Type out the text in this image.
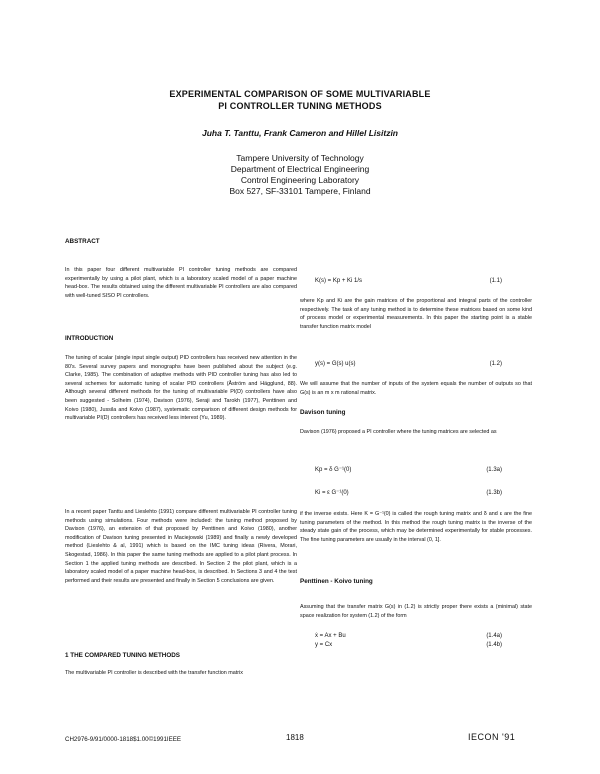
EXPERIMENTAL COMPARISON OF SOME MULTIVARIABLE
PI CONTROLLER TUNING METHODS
Juha T. Tanttu, Frank Cameron and Hillel Lisitzin
Tampere University of Technology
Department of Electrical Engineering
Control Engineering Laboratory
Box 527, SF-33101 Tampere, Finland
ABSTRACT
In this paper four different multivariable PI controller tuning methods are compared experimentally by using a pilot plant, which is a laboratory scaled model of a paper machine head-box. The results obtained using the different multivariable PI controllers are also compared with well-tuned SISO PI controllers.
INTRODUCTION
The tuning of scalar (single input single output) PID controllers has received new attention in the 80's. Several survey papers and monographs have been published about the subject (e.g. Clarke, 1985). The combination of adaptive methods with PID controller tuning has also led to several schemes for automatic tuning of scalar PID controllers (Åström and Hägglund, 88). Although several different methods for the tuning of multivariable PI(D) controllers have also been suggested - Solheim (1974), Davison (1976), Seraji and Tarokh (1977), Penttinen and Koivo (1980), Jussila and Koivo (1987), systematic comparison of different design methods for multivariable PI(D) controllers has received less interest (Yu, 1989).
In a recent paper Tanttu and Lieslehto (1991) compare different multivariable PI controller tuning methods using simulations. Four methods were included: the tuning method proposed by Davison (1976), an extension of that proposed by Penttinen and Koivo (1980), another modification of Davison tuning presented in Maciejowski (1989) and finally a newly developed method (Lieslehto & al, 1991) which is based on the IMC tuning ideas (Rivera, Morari, Skogestad, 1986). In this paper the same tuning methods are applied to a pilot plant process. In Section 1 the applied tuning methods are described. In Section 2 the pilot plant, which is a laboratory scaled model of a paper machine head-box, is described. In Sections 3 and 4 the test performed and their results are presented and finally in Section 5 conclusions are given.
1 THE COMPARED TUNING METHODS
The multivariable PI controller is described with the transfer function matrix
K(s) = Kp + Ki 1/s	(1.1)
where Kp and Ki are the gain matrices of the proportional and integral parts of the controller respectively. The task of any tuning method is to determine these matrices based on some kind of process model or experimental measurements. In this paper the starting point is a stable transfer function matrix model
y(s) = G(s) u(s)	(1.2)
We will assume that the number of inputs of the system equals the number of outputs so that G(s) is an m x m rational matrix.
Davison tuning
Davison (1976) proposed a PI controller where the tuning matrices are selected as
Kp = δ G⁻¹(0)	(1.3a)
Ki = ε G⁻¹(0)	(1.3b)
if the inverse exists. Here K = G⁻¹(0) is called the rough tuning matrix and δ and ε are the fine tuning parameters of the method. In this method the rough tuning matrix is the inverse of the steady state gain of the process, which may be determined experimentally for stable processes. The fine tuning parameters are usually in the interval (0, 1].
Penttinen - Koivo tuning
Assuming that the transfer matrix G(s) in (1.2) is strictly proper there exists a (minimal) state space realization for system (1.2) of the form
ẋ = Ax + Bu	(1.4a)
y = Cx	(1.4b)
CH2976-9/91/0000-1818$1.00©1991IEEE	1818	IECON '91
